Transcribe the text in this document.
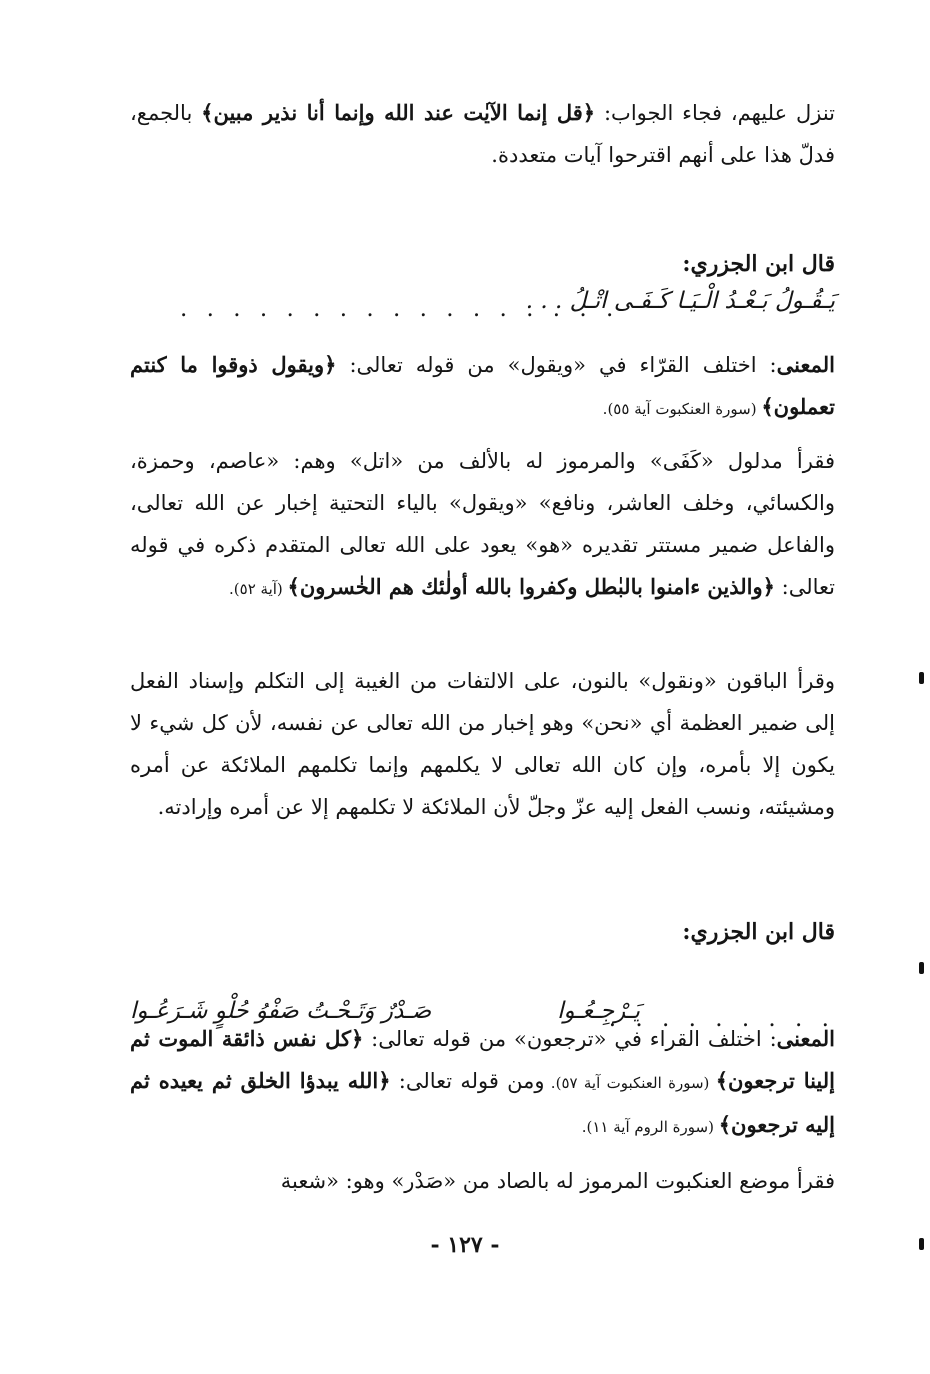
تنزل عليهم، فجاء الجواب: ﴿قل إنما الآيٰت عند الله وإنما أنا نذير مبين﴾ بالجمع، فدلّ هذا على أنهم اقترحوا آيات متعددة.

قال ابن الجزري:

يَـقُـولُ بَـعْـدُ الْـيَـا كَـفَـى اتْـلُ . . .
. . . . . . . . . . . . . . . . .

المعنى: اختلف القرّاء في «ويقول» من قوله تعالى: ﴿ويقول ذوقوا ما كنتم تعملون﴾ (سورة العنكبوت آية ٥٥).

فقرأ مدلول «كَفَى» والمرموز له بالألف من «اتل» وهم: «عاصم، وحمزة، والكسائي، وخلف العاشر، ونافع» «ويقول» بالياء التحتية إخبار عن الله تعالى، والفاعل ضمير مستتر تقديره «هو» يعود على الله تعالى المتقدم ذكره في قوله تعالى: ﴿والذين ءامنوا بالبٰطل وكفروا بالله أولٰئك هم الخٰسرون﴾ (آية ٥٢).

وقرأ الباقون «ونقول» بالنون، على الالتفات من الغيبة إلى التكلم وإسناد الفعل إلى ضمير العظمة أي «نحن» وهو إخبار من الله تعالى عن نفسه، لأن كل شيء لا يكون إلا بأمره، وإن كان الله تعالى لا يكلمهم وإنما تكلمهم الملائكة عن أمره ومشيئته، ونسب الفعل إليه عزّ وجلّ لأن الملائكة لا تكلمهم إلا عن أمره وإرادته.

قال ابن الجزري:

صَـدْرٌ وَتَـحْـتُ صَفْوُ حُلْوٍ شَـرَعُـوا	يَـرْجِـعُـوا
. . . . . . . . .

المعنى: اختلف القراء في «ترجعون» من قوله تعالى: ﴿كل نفس ذائقة الموت ثم إلينا ترجعون﴾ (سورة العنكبوت آية ٥٧). ومن قوله تعالى: ﴿الله يبدؤا الخلق ثم يعيده ثم إليه ترجعون﴾ (سورة الروم آية ١١).

فقرأ موضع العنكبوت المرموز له بالصاد من «صَدْر» وهو: «شعبة

- ١٢٧ -
